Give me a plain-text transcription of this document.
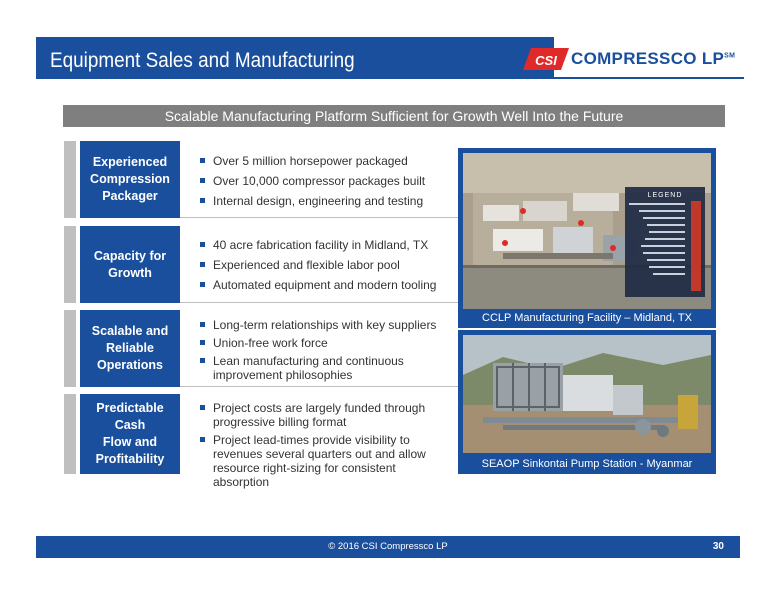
Equipment Sales and Manufacturing	CSI COMPRESSCO LP℠
Scalable Manufacturing Platform Sufficient for Growth Well Into the Future
Experienced
Compression
Packager
Over 5 million horsepower packaged
Over 10,000 compressor packages built
Internal design, engineering and testing
Capacity for
Growth
40 acre fabrication facility in Midland, TX
Experienced and flexible labor pool
Automated equipment and modern tooling
Scalable and
Reliable
Operations
Long-term relationships with key suppliers
Union-free work force
Lean manufacturing and continuous improvement philosophies
Predictable Cash
Flow and
Profitability
Project costs are largely funded through progressive billing format
Project lead-times provide visibility to revenues several quarters out and allow resource right-sizing for consistent absorption
LEGEND
CCLP Manufacturing Facility – Midland, TX
SEAOP Sinkontai Pump Station - Myanmar
© 2016 CSI Compressco LP	30
